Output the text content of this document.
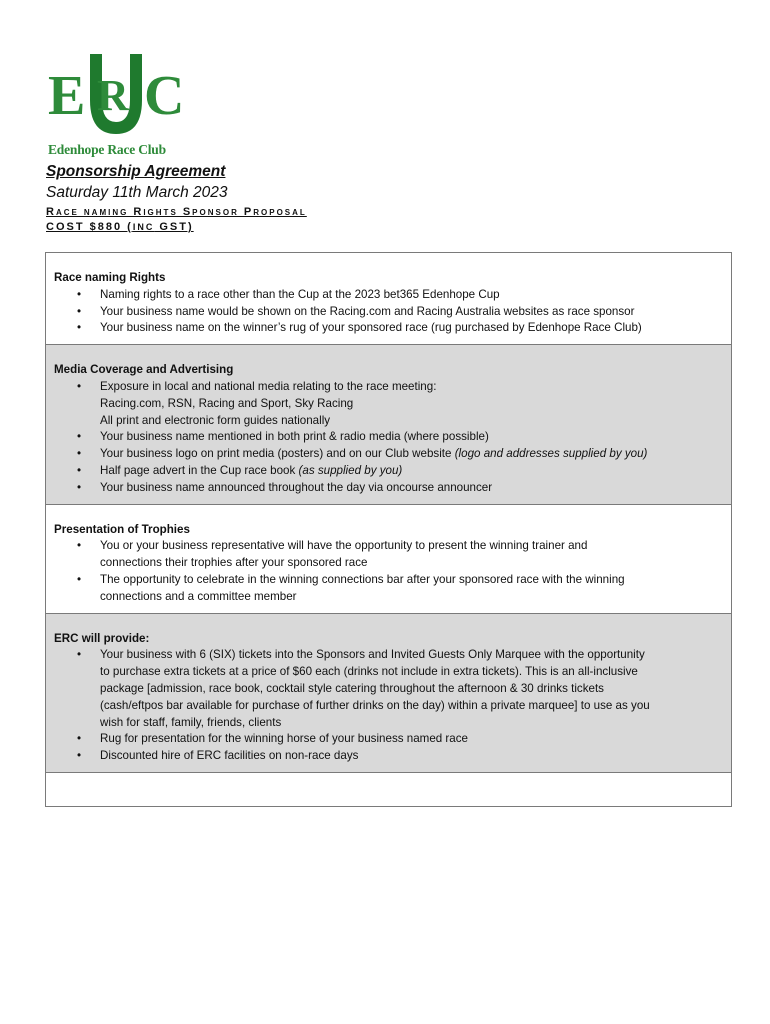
E R C
Edenhope Race Club
Sponsorship Agreement
Saturday 11th March 2023
Race naming Rights Sponsor Proposal
COST $880 (INC GST)
Race naming Rights
• Naming rights to a race other than the Cup at the 2023 bet365 Edenhope Cup
• Your business name would be shown on the Racing.com and Racing Australia websites as race sponsor
• Your business name on the winner’s rug of your sponsored race (rug purchased by Edenhope Race Club)
Media Coverage and Advertising
• Exposure in local and national media relating to the race meeting:
Racing.com, RSN, Racing and Sport, Sky Racing
All print and electronic form guides nationally
• Your business name mentioned in both print & radio media (where possible)
• Your business logo on print media (posters) and on our Club website (logo and addresses supplied by you)
• Half page advert in the Cup race book (as supplied by you)
• Your business name announced throughout the day via oncourse announcer
Presentation of Trophies
• You or your business representative will have the opportunity to present the winning trainer and
connections their trophies after your sponsored race
• The opportunity to celebrate in the winning connections bar after your sponsored race with the winning
connections and a committee member
ERC will provide:
• Your business with 6 (SIX) tickets into the Sponsors and Invited Guests Only Marquee with the opportunity
to purchase extra tickets at a price of $60 each (drinks not include in extra tickets). This is an all-inclusive
package [admission, race book, cocktail style catering throughout the afternoon & 30 drinks tickets
(cash/eftpos bar available for purchase of further drinks on the day) within a private marquee] to use as you
wish for staff, family, friends, clients
• Rug for presentation for the winning horse of your business named race
• Discounted hire of ERC facilities on non-race days
